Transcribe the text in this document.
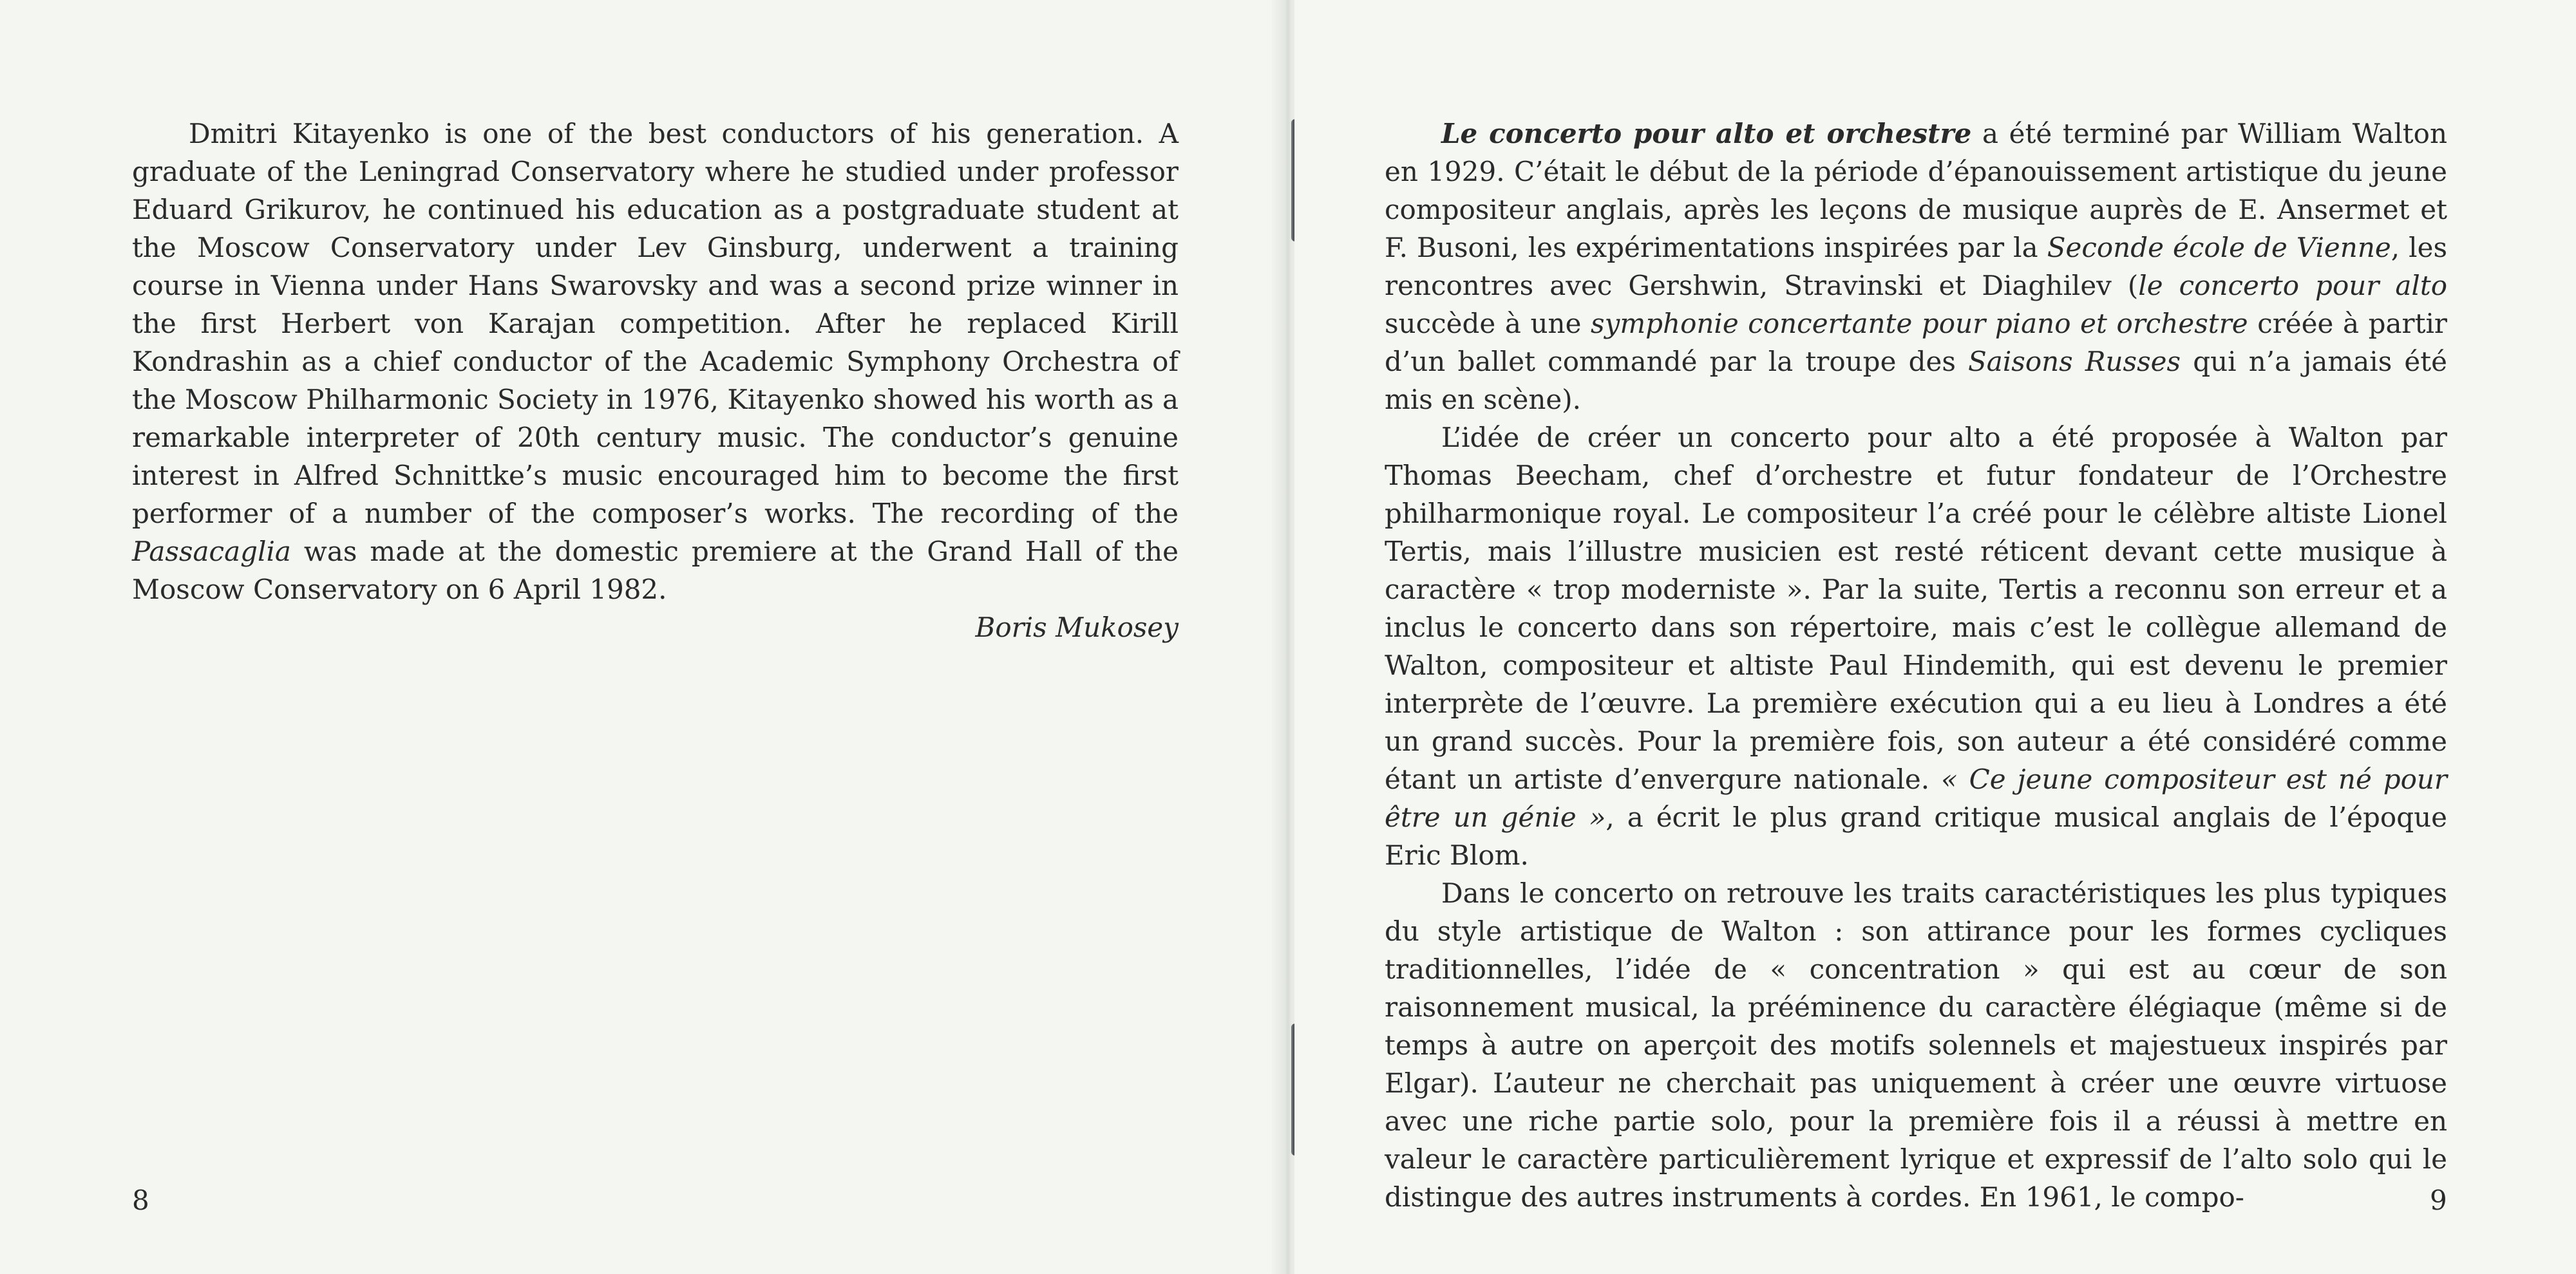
Dmitri Kitayenko is one of the best conductors of his generation. A graduate of the Leningrad Conservatory where he studied under professor Eduard Grikurov, he continued his education as a postgraduate student at the Moscow Conservatory under Lev Ginsburg, underwent a training course in Vienna under Hans Swarovsky and was a second prize winner in the first Herbert von Karajan competition. After he replaced Kirill Kondrashin as a chief conductor of the Academic Symphony Orchestra of the Moscow Philharmonic Society in 1976, Kitayenko showed his worth as a remarkable interpreter of 20th century music. The conductor’s genuine interest in Alfred Schnittke’s music encouraged him to become the first performer of a number of the composer’s works. The recording of the Passacaglia was made at the domestic premiere at the Grand Hall of the Moscow Conservatory on 6 April 1982.

Boris Mukosey

8

Le concerto pour alto et orchestre a été terminé par William Walton en 1929. C’était le début de la période d’épanouissement artistique du jeune compositeur anglais, après les leçons de musique auprès de E. Ansermet et F. Busoni, les expérimentations inspirées par la Seconde école de Vienne, les rencontres avec Gershwin, Stravinski et Diaghilev (le concerto pour alto succède à une symphonie concertante pour piano et orchestre créée à partir d’un ballet commandé par la troupe des Saisons Russes qui n’a jamais été mis en scène).

L’idée de créer un concerto pour alto a été proposée à Walton par Thomas Beecham, chef d’orchestre et futur fondateur de l’Orchestre philharmonique royal. Le compositeur l’a créé pour le célèbre altiste Lionel Tertis, mais l’illustre musicien est resté réticent devant cette musique à caractère « trop moderniste ». Par la suite, Tertis a reconnu son erreur et a inclus le concerto dans son répertoire, mais c’est le collègue allemand de Walton, compositeur et altiste Paul Hindemith, qui est devenu le premier interprète de l’œuvre. La première exécution qui a eu lieu à Londres a été un grand succès. Pour la première fois, son auteur a été considéré comme étant un artiste d’envergure nationale. « Ce jeune compositeur est né pour être un génie », a écrit le plus grand critique musical anglais de l’époque Eric Blom.

Dans le concerto on retrouve les traits caractéristiques les plus typiques du style artistique de Walton : son attirance pour les formes cycliques traditionnelles, l’idée de « concentration » qui est au cœur de son raisonnement musical, la prééminence du caractère élégiaque (même si de temps à autre on aperçoit des motifs solennels et majestueux inspirés par Elgar). L’auteur ne cherchait pas uniquement à créer une œuvre virtuose avec une riche partie solo, pour la première fois il a réussi à mettre en valeur le caractère particulièrement lyrique et expressif de l’alto solo qui le distingue des autres instruments à cordes. En 1961, le compo-	9
